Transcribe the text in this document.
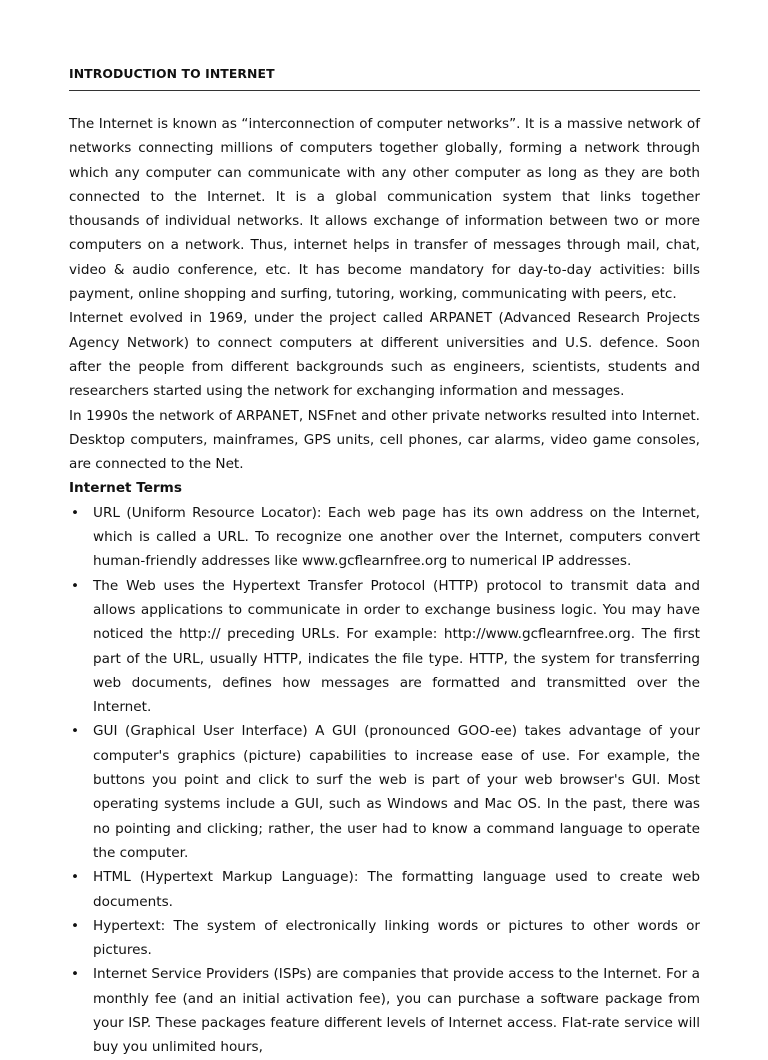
INTRODUCTION TO INTERNET

The Internet is known as “interconnection of computer networks”. It is a massive network of networks connecting millions of computers together globally, forming a network through which any computer can communicate with any other computer as long as they are both connected to the Internet. It is a global communication system that links together thousands of individual networks. It allows exchange of information between two or more computers on a network. Thus, internet helps in transfer of messages through mail, chat, video & audio conference, etc. It has become mandatory for day-to-day activities: bills payment, online shopping and surfing, tutoring, working, communicating with peers, etc.

Internet evolved in 1969, under the project called ARPANET (Advanced Research Projects Agency Network) to connect computers at different universities and U.S. defence. Soon after the people from different backgrounds such as engineers, scientists, students and researchers started using the network for exchanging information and messages.

In 1990s the network of ARPANET, NSFnet and other private networks resulted into Internet. Desktop computers, mainframes, GPS units, cell phones, car alarms, video game consoles, are connected to the Net.

Internet Terms
• URL (Uniform Resource Locator): Each web page has its own address on the Internet, which is called a URL. To recognize one another over the Internet, computers convert human-friendly addresses like www.gcflearnfree.org to numerical IP addresses.
• The Web uses the Hypertext Transfer Protocol (HTTP) protocol to transmit data and allows applications to communicate in order to exchange business logic. You may have noticed the http:// preceding URLs. For example: http://www.gcflearnfree.org. The first part of the URL, usually HTTP, indicates the file type. HTTP, the system for transferring web documents, defines how messages are formatted and transmitted over the Internet.
• GUI (Graphical User Interface) A GUI (pronounced GOO-ee) takes advantage of your computer's graphics (picture) capabilities to increase ease of use. For example, the buttons you point and click to surf the web is part of your web browser's GUI. Most operating systems include a GUI, such as Windows and Mac OS. In the past, there was no pointing and clicking; rather, the user had to know a command language to operate the computer.
• HTML (Hypertext Markup Language): The formatting language used to create web documents.
• Hypertext: The system of electronically linking words or pictures to other words or pictures.
• Internet Service Providers (ISPs) are companies that provide access to the Internet. For a monthly fee (and an initial activation fee), you can purchase a software package from your ISP. These packages feature different levels of Internet access. Flat-rate service will buy you unlimited hours,
